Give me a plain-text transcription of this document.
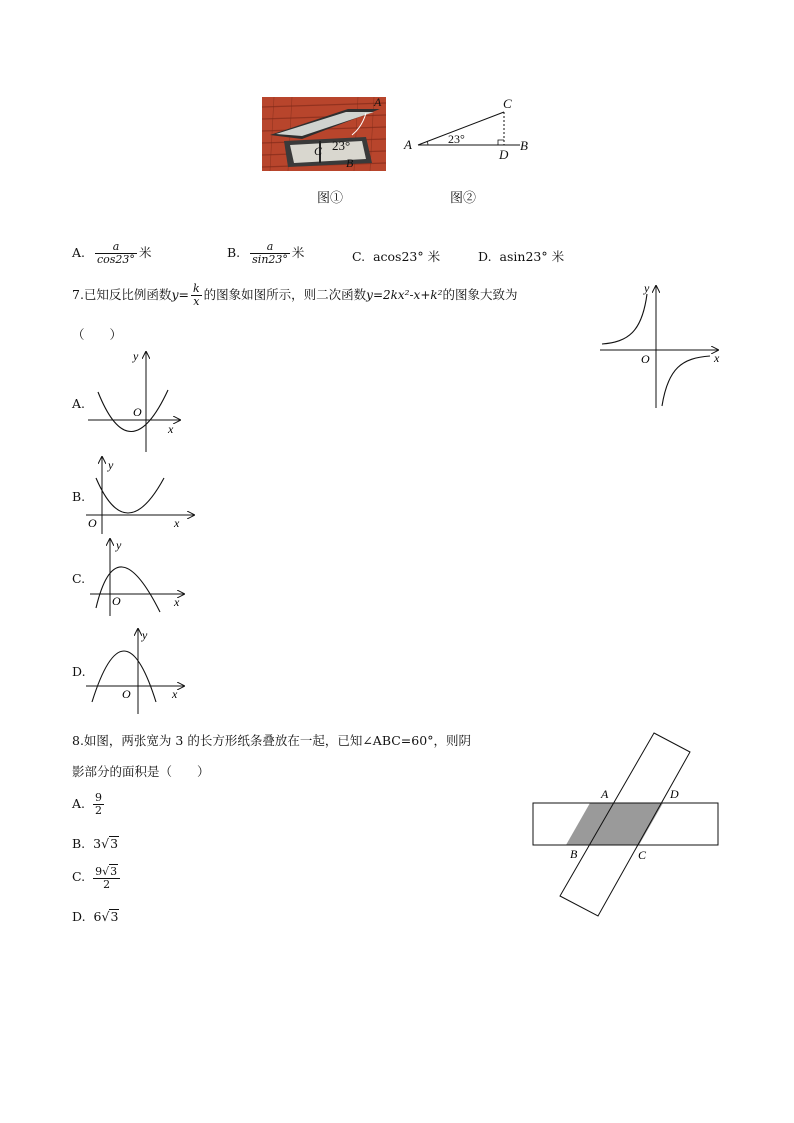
A
C
B
23°	A	B
C
D
23°
图①	图②
A. $\frac{a}{\cos 23^\circ}$ 米	B. $\frac{a}{\sin 23^\circ}$ 米	C. acos23° 米	D. asin23° 米
7.已知反比例函数$y= \frac{k}{x}$ 的图象如图所示，则二次函数y=2kx²-x+k²的图象大致为
（　　）
y
x
O
A.
y
x
O
B.
y
x
O
C.
y
x
O
D.
y
x
O
8.如图，两张宽为 3 的长方形纸条叠放在一起，已知∠ABC=60°，则阴
影部分的面积是（　　）
A. $\frac{9}{2}$
B. 3√3
C. $\frac{9√3}{2}$
D. 6√3
A	D
B	C
